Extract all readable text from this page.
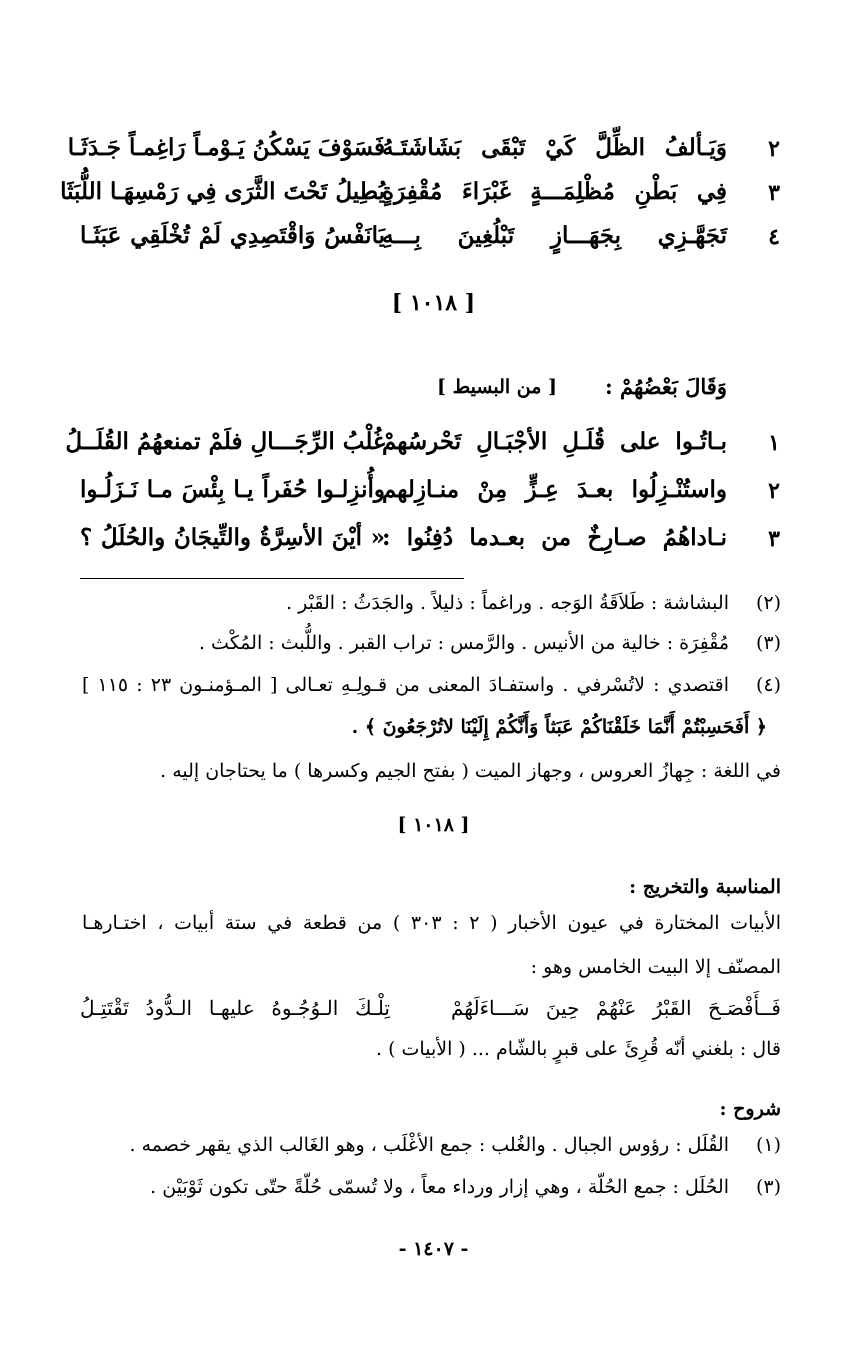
٢
وَيَـألفُ الظِّلَّ كَيْ تَبْقَى بَشَاشَتَـهُ
فَسَوْفَ يَسْكُنُ يَـوْمـاً رَاغِمـاً جَـدَثَـا
٣
فِي بَطْنِ مُظْلِمَـــةٍ غَبْرَاءَ مُقْفِرَةٍ
يُطِيلُ تَحْتَ الثَّرَى فِي رَمْسِهَـا اللُّبَثَا
٤
تَجَهَّـزِي بِجَهَـــازٍ تَبْلُغِينَ بِـــهِ
يَانَفْسُ وَاقْتَصِدِي لَمْ تُخْلَقِي عَبَثَـا
[ ١٠١٨ ]
وَقَالَ بَعْضُهُمْ :
[ من البسيط ]
١
بـاتُـوا على قُلَـلِ الأجْبَـالِ تَحْرسُهمْ
غُلْبُ الرِّجَـــالِ فلَمْ تمنعهُمُ القُلَــلُ
٢
واستُنْـزِلُوا بعـدَ عِـزٍّ مِنْ منـازِلهم
وأُنزِلـوا حُفَراً يـا بِئْسَ مـا نَـزَلُـوا
٣
نـاداهُمُ صـارِخٌ من بعـدما دُفِنُوا :
« أيْنَ الأسِرَّةُ والتِّيجَانُ والحُلَلُ ؟
(٢)
البشاشة : طَلاَقَةُ الوَجه . وراغماً : ذليلاً . والجَدَثُ : القَبْر .
(٣)
مُقْفِرَة : خالية من الأنيس . والرَّمس : تراب القبر . واللُّبث : المُكْث .
(٤)
اقتصدي : لاتُسْرفي . واستفـادَ المعنى من قـولِـهِ تعـالى [ المـؤمنـون ٢٣ : ١١٥ ]
﴿ أَفَحَسِبْتُمْ أَنَّمَا خَلَقْنَاكُمْ عَبَثاً وَأَنَّكُمْ إِلَيْنَا لاتُرْجَعُونَ ﴾ .
في اللغة : جِهازُ العروس ، وجهاز الميت ( بفتح الجيم وكسرها ) ما يحتاجان إليه .
[ ١٠١٨ ]
المناسبة والتخريج :
الأبيات المختارة في عيون الأخبار ( ٢ : ٣٠٣ ) من قطعة في ستة أبيات ، اختـارهـا
المصنّف إلا البيت الخامس وهو :
فَــأَفْصَـحَ القَبْرُ عَنْهُمْ حِينَ سَـــاءَلَهُمْ
تِلْـكَ الـوُجُـوهُ عليهـا الـدُّودُ تَقْتَتِـلُ
قال : بلغني أنّه قُرِئَ على قبرٍ بالشّام ... ( الأبيات ) .
شروح :
(١)
القُلَل : رؤوس الجبال . والغُلب : جمع الأغْلَب ، وهو الغَالب الذي يقهر خصمه .
(٣)
الحُلَل : جمع الحُلّة ، وهي إزار ورداء معاً ، ولا تُسمّى حُلّةً حتّى تكون ثَوْبَيْن .
- ١٤٠٧ -
